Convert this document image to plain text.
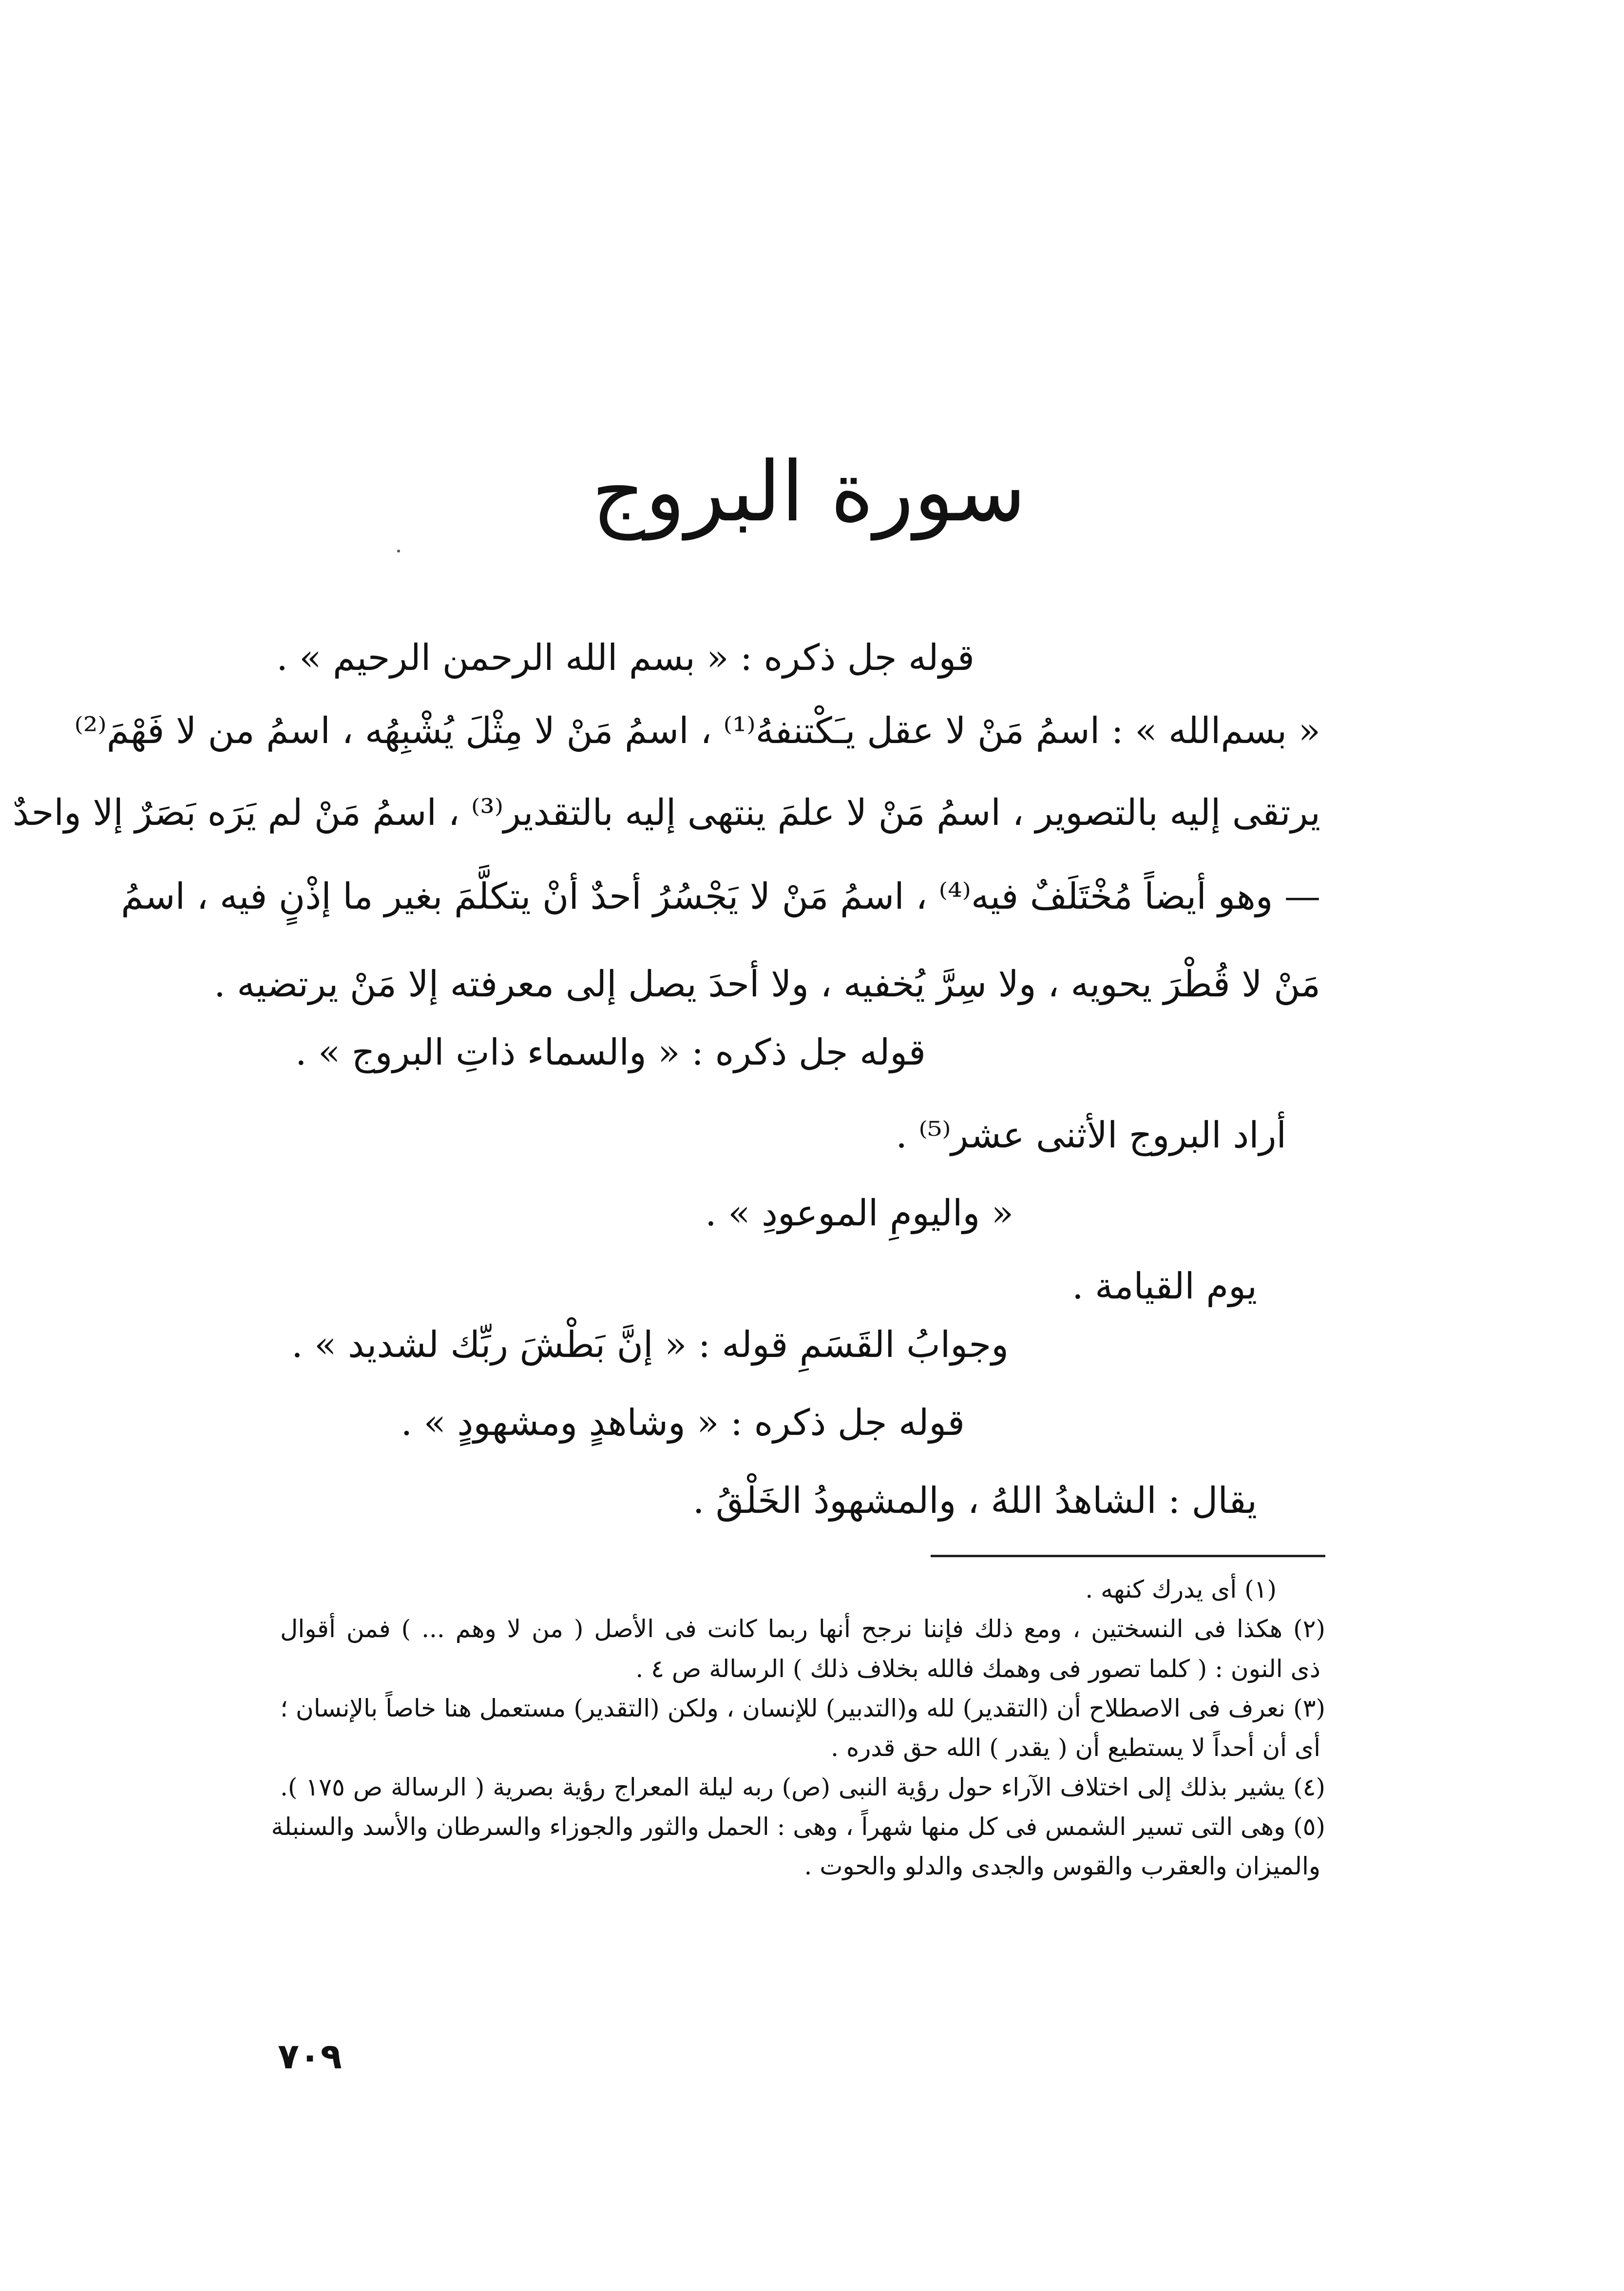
سورة البروج
قوله جل ذكره : « بسم الله الرحمن الرحيم » .
« بسم‌الله » : اسمُ مَنْ لا عقل يـَكْتنفهُ⁽¹⁾ ، اسمُ مَنْ لا مِثْلَ يُشْبِهُه ، اسمُ من لا فَهْمَ⁽²⁾
يرتقى إليه بالتصوير ، اسمُ مَنْ لا علمَ ينتهى إليه بالتقدير⁽³⁾ ، اسمُ مَنْ لم يَرَه بَصَرٌ إلا واحدٌ
— وهو أيضاً مُخْتَلَفٌ فيه⁽⁴⁾ ، اسمُ مَنْ لا يَجْسُرُ أحدٌ أنْ يتكلَّمَ بغير ما إذْنٍ فيه ، اسمُ
مَنْ لا قُطْرَ يحويه ، ولا سِرَّ يُخفيه ، ولا أحدَ يصل إلى معرفته إلا مَنْ يرتضيه .
قوله جل ذكره : « والسماء ذاتِ البروج » .
أراد البروج الأثنى عشر⁽⁵⁾ .
« واليومِ الموعودِ » .
يوم القيامة .
وجوابُ القَسَمِ قوله : « إنَّ بَطْشَ ربِّك لشديد » .
قوله جل ذكره : « وشاهدٍ ومشهودٍ » .
يقال : الشاهدُ اللهُ ، والمشهودُ الخَلْقُ .
(١) أى يدرك كنهه .
(٢) هكذا فى النسختين ، ومع ذلك فإننا نرجح أنها ربما كانت فى الأصل ( من لا وهم ... ) فمن أقوال
ذى النون : ( كلما تصور فى وهمك فالله بخلاف ذلك ) الرسالة ص ٤ .
(٣) نعرف فى الاصطلاح أن (التقدير) لله و(التدبير) للإنسان ، ولكن (التقدير) مستعمل هنا خاصاً بالإنسان ؛
أى أن أحداً لا يستطيع أن ( يقدر ) الله حق قدره .
(٤) يشير بذلك إلى اختلاف الآراء حول رؤية النبى (ص) ربه ليلة المعراج رؤية بصرية ( الرسالة ص ١٧٥ ).
(٥) وهى التى تسير الشمس فى كل منها شهراً ، وهى : الحمل والثور والجوزاء والسرطان والأسد والسنبلة
والميزان والعقرب والقوس والجدى والدلو والحوت .
٧٠٩
